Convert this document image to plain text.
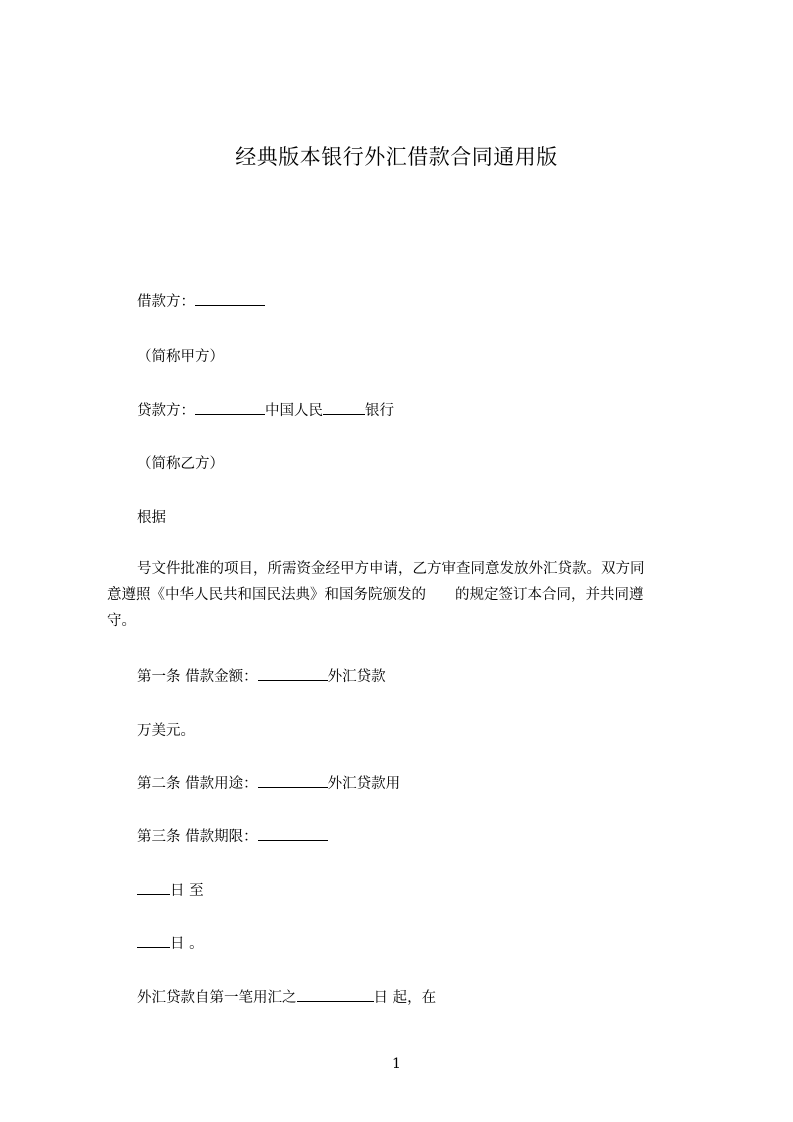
经典版本银行外汇借款合同通用版
借款方：
（简称甲方）
贷款方：	中国人民	银行
（简称乙方）
根据
号文件批准的项目，所需资金经甲方申请，乙方审查同意发放外汇贷款。双方同
意遵照《中华人民共和国民法典》和国务院颁发的　　的规定签订本合同，并共同遵
守。
第一条 借款金额：	外汇贷款
万美元。
第二条 借款用途：	外汇贷款用
第三条 借款期限：
日 至
日 。
外汇贷款自第一笔用汇之	日 起，在
1
